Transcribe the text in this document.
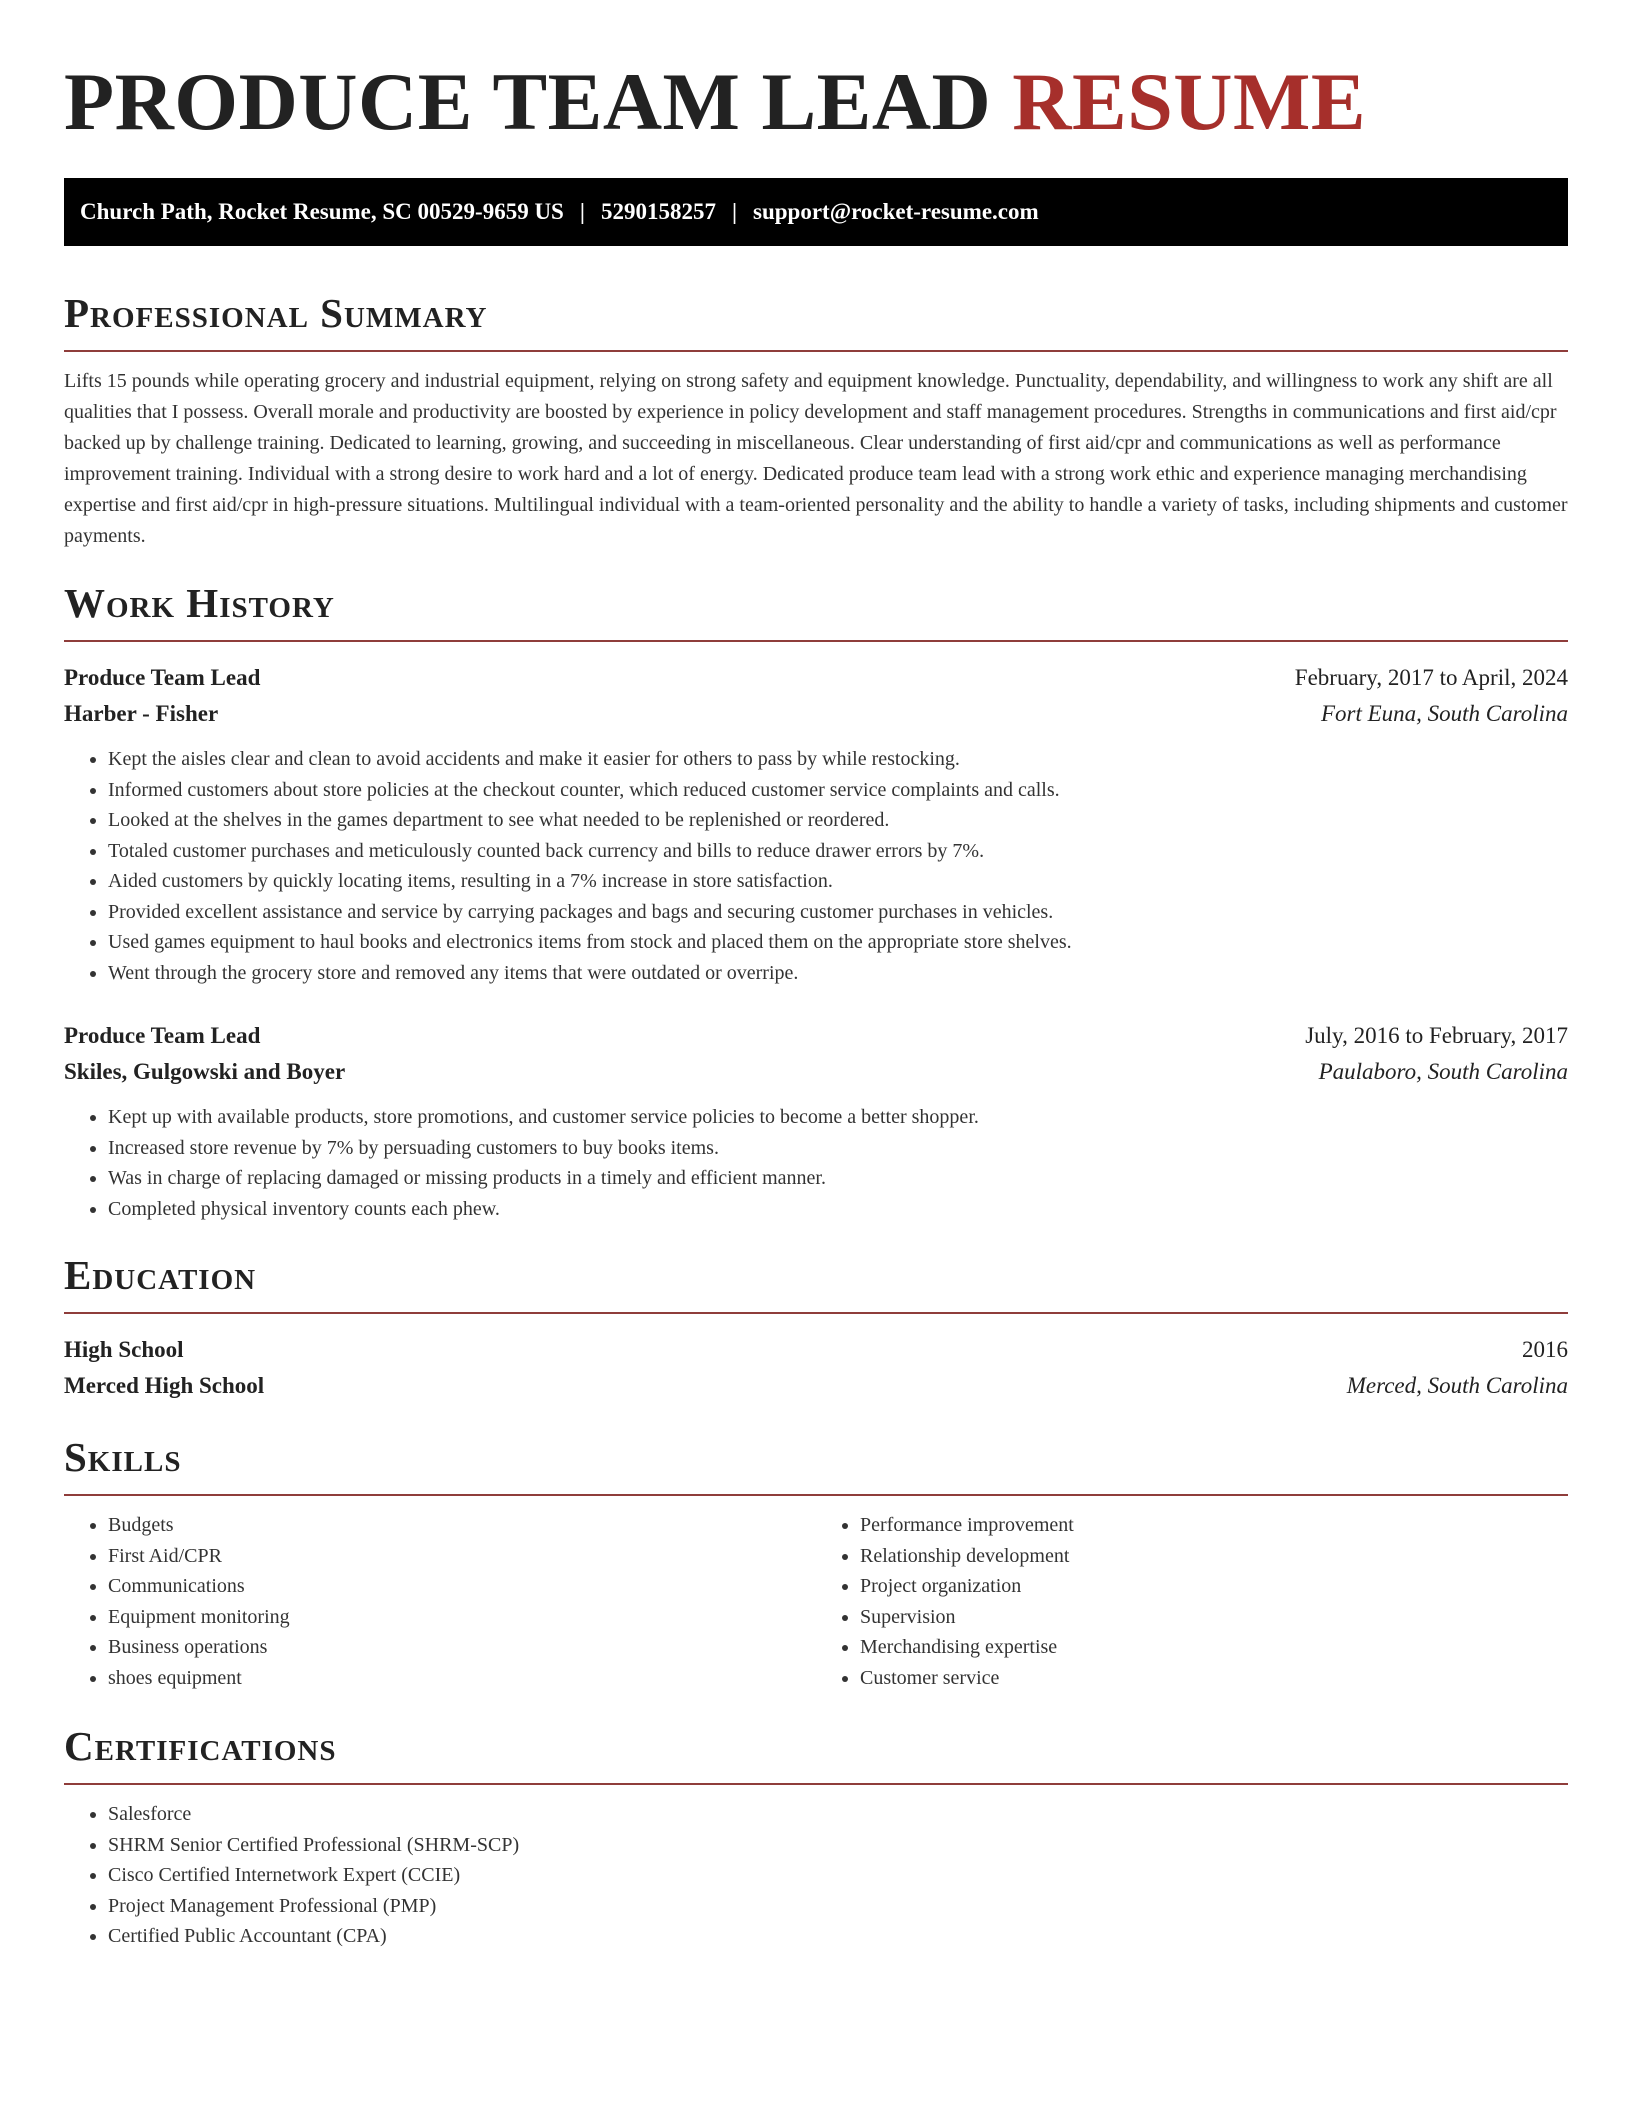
PRODUCE TEAM LEAD RESUME
Church Path, Rocket Resume, SC 00529-9659 US | 5290158257 | support@rocket-resume.com
Professional Summary

Lifts 15 pounds while operating grocery and industrial equipment, relying on strong safety and equipment knowledge. Punctuality, dependability, and willingness to work any shift are all qualities that I possess. Overall morale and productivity are boosted by experience in policy development and staff management procedures. Strengths in communications and first aid/cpr backed up by challenge training. Dedicated to learning, growing, and succeeding in miscellaneous. Clear understanding of first aid/cpr and communications as well as performance improvement training. Individual with a strong desire to work hard and a lot of energy. Dedicated produce team lead with a strong work ethic and experience managing merchandising expertise and first aid/cpr in high-pressure situations. Multilingual individual with a team-oriented personality and the ability to handle a variety of tasks, including shipments and customer payments.

Work History
Produce Team Lead	February, 2017 to April, 2024
Harber - Fisher	Fort Euna, South Carolina
• Kept the aisles clear and clean to avoid accidents and make it easier for others to pass by while restocking.
• Informed customers about store policies at the checkout counter, which reduced customer service complaints and calls.
• Looked at the shelves in the games department to see what needed to be replenished or reordered.
• Totaled customer purchases and meticulously counted back currency and bills to reduce drawer errors by 7%.
• Aided customers by quickly locating items, resulting in a 7% increase in store satisfaction.
• Provided excellent assistance and service by carrying packages and bags and securing customer purchases in vehicles.
• Used games equipment to haul books and electronics items from stock and placed them on the appropriate store shelves.
• Went through the grocery store and removed any items that were outdated or overripe.
Produce Team Lead	July, 2016 to February, 2017
Skiles, Gulgowski and Boyer	Paulaboro, South Carolina
• Kept up with available products, store promotions, and customer service policies to become a better shopper.
• Increased store revenue by 7% by persuading customers to buy books items.
• Was in charge of replacing damaged or missing products in a timely and efficient manner.
• Completed physical inventory counts each phew.
Education
High School	2016
Merced High School	Merced, South Carolina
Skills
• Budgets
• First Aid/CPR
• Communications
• Equipment monitoring
• Business operations
• shoes equipment
• Performance improvement
• Relationship development
• Project organization
• Supervision
• Merchandising expertise
• Customer service
Certifications
• Salesforce
• SHRM Senior Certified Professional (SHRM-SCP)
• Cisco Certified Internetwork Expert (CCIE)
• Project Management Professional (PMP)
• Certified Public Accountant (CPA)
